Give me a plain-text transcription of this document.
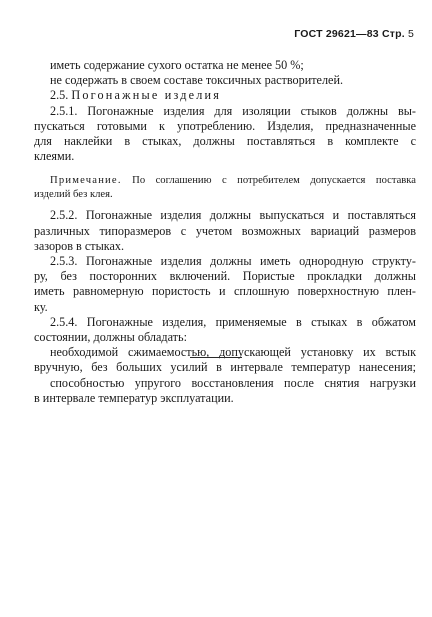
ГОСТ 29621—83 Стр. 5
иметь содержание сухого остатка не менее 50 %;
не содержать в своем составе токсичных растворителей.
2.5. Погонажные изделия
2.5.1. Погонажные изделия для изоляции стыков должны вы-
пускаться готовыми к употреблению. Изделия, предназначенные
для наклейки в стыках, должны поставляться в комплекте с
клеями.
Примечание. По соглашению с потребителем допускается поставка
изделий без клея.
2.5.2. Погонажные изделия должны выпускаться и поставляться
различных типоразмеров с учетом возможных вариаций размеров
зазоров в стыках.
2.5.3. Погонажные изделия должны иметь однородную структу-
ру, без посторонних включений. Пористые прокладки должны
иметь равномерную пористость и сплошную поверхностную плен-
ку.
2.5.4. Погонажные изделия, применяемые в стыках в обжатом
состоянии, должны обладать:
необходимой сжимаемостью, допускающей установку их встык
вручную, без больших усилий в интервале температур нанесения;
способностью упругого восстановления после снятия нагрузки
в интервале температур эксплуатации.
